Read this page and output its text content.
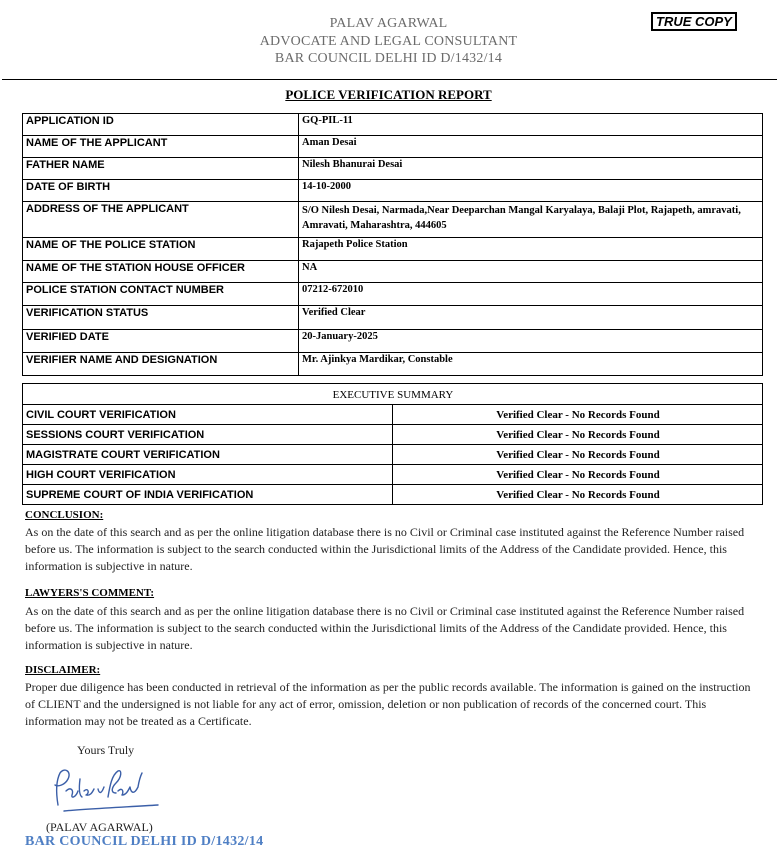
TRUE COPY
PALAV AGARWAL
ADVOCATE AND LEGAL CONSULTANT
BAR COUNCIL DELHI ID D/1432/14
POLICE VERIFICATION REPORT
APPLICATION ID	GQ-PIL-11
NAME OF THE APPLICANT	Aman Desai
FATHER NAME	Nilesh Bhanurai Desai
DATE OF BIRTH	14-10-2000
ADDRESS OF THE APPLICANT	S/O Nilesh Desai, Narmada,Near Deeparchan Mangal Karyalaya, Balaji Plot, Rajapeth, amravati, Amravati, Maharashtra, 444605
NAME OF THE POLICE STATION	Rajapeth Police Station
NAME OF THE STATION HOUSE OFFICER	NA
POLICE STATION CONTACT NUMBER	07212-672010
VERIFICATION STATUS	Verified Clear
VERIFIED DATE	20-January-2025
VERIFIER NAME AND DESIGNATION	Mr. Ajinkya Mardikar, Constable
EXECUTIVE SUMMARY	
CIVIL COURT VERIFICATION	Verified Clear - No Records Found
SESSIONS COURT VERIFICATION	Verified Clear - No Records Found
MAGISTRATE COURT VERIFICATION	Verified Clear - No Records Found
HIGH COURT VERIFICATION	Verified Clear - No Records Found
SUPREME COURT OF INDIA VERIFICATION	Verified Clear - No Records Found
CONCLUSION:
As on the date of this search and as per the online litigation database there is no Civil or Criminal case instituted against the Reference Number raised before us. The information is subject to the search conducted within the Jurisdictional limits of the Address of the Candidate provided. Hence, this information is subjective in nature.
LAWYERS'S COMMENT:
As on the date of this search and as per the online litigation database there is no Civil or Criminal case instituted against the Reference Number raised before us. The information is subject to the search conducted within the Jurisdictional limits of the Address of the Candidate provided. Hence, this information is subjective in nature.
DISCLAIMER:
Proper due diligence has been conducted in retrieval of the information as per the public records available. The information is gained on the instruction of CLIENT and the undersigned is not liable for any act of error, omission, deletion or non publication of records of the concerned court. This information may not be treated as a Certificate.
Yours Truly
(PALAV AGARWAL)
BAR COUNCIL DELHI ID D/1432/14
